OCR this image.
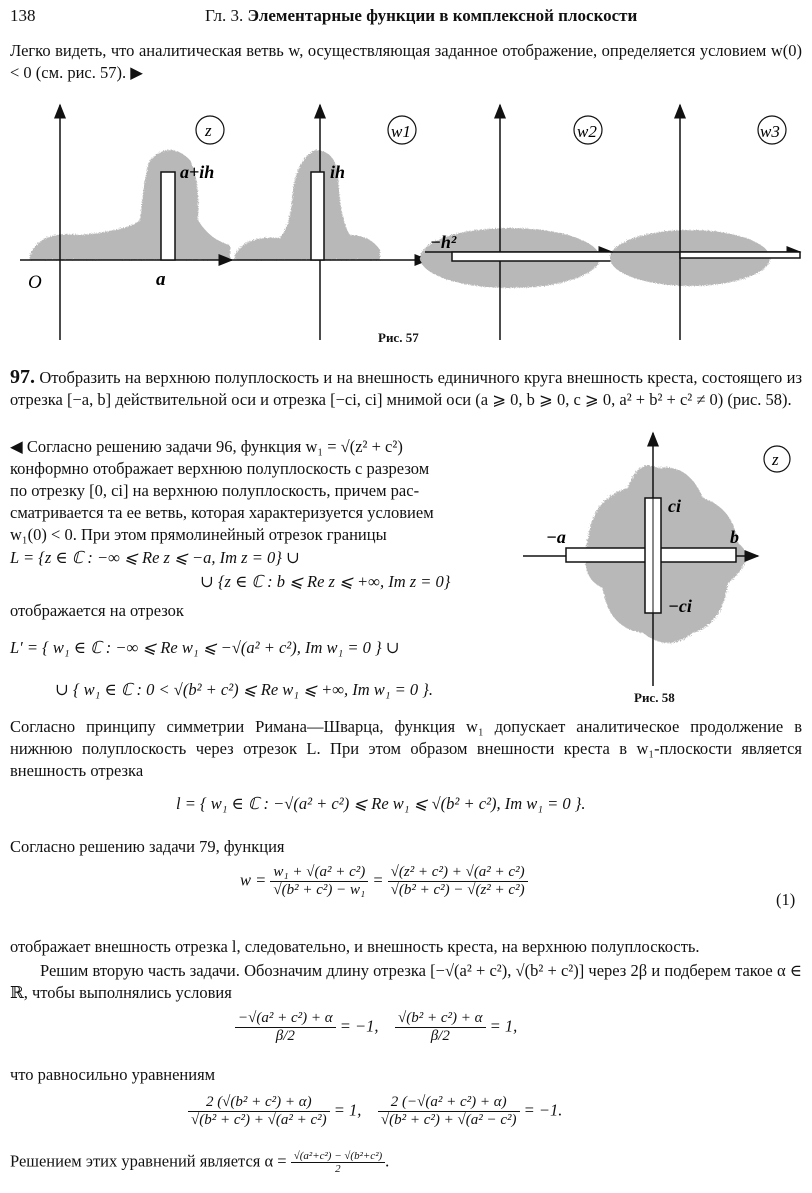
138	Гл. 3. Элементарные функции в комплексной плоскости
Легко видеть, что аналитическая ветвь w, осуществляющая заданное отображение, определяется условием w(0) < 0 (см. рис. 57). ▶
z
a+ih
a
O
w1
ih
w2
−h²
w3
Рис. 57
97. Отобразить на верхнюю полуплоскость и на внешность единичного круга внешность креста, состоящего из отрезка [−a, b] действительной оси и отрезка [−ci, ci] мнимой оси (a ⩾ 0, b ⩾ 0, c ⩾ 0, a² + b² + c² ≠ 0) (рис. 58).
◀ Согласно решению задачи 96, функция w₁ = √(z² + c²)
конформно отображает верхнюю полуплоскость с разрезом
по отрезку [0, ci] на верхнюю полуплоскость, причем рас-
сматривается та ее ветвь, которая характеризуется условием
w₁(0) < 0. При этом прямолинейный отрезок границы
L = {z ∈ ℂ : −∞ ⩽ Re z ⩽ −a, Im z = 0} ∪
∪ {z ∈ ℂ : b ⩽ Re z ⩽ +∞, Im z = 0}
отображается на отрезок
L′ = { w₁ ∈ ℂ : −∞ ⩽ Re w₁ ⩽ −√(a² + c²), Im w₁ = 0 } ∪
∪ { w₁ ∈ ℂ : 0 < √(b² + c²) ⩽ Re w₁ ⩽ +∞, Im w₁ = 0 }.
z
ci
−a	b
−ci
Рис. 58
Согласно принципу симметрии Римана—Шварца, функция w₁ допускает аналитическое продолжение в нижнюю полуплоскость через отрезок L. При этом образом внешности креста в w₁-плоскости является внешность отрезка
l = { w₁ ∈ ℂ : −√(a² + c²) ⩽ Re w₁ ⩽ √(b² + c²), Im w₁ = 0 }.
Согласно решению задачи 79, функция
$w = \frac{\text{w₁ + √(a² + c²)}}{\text{√(b² + c²) − w₁}} = \frac{\text{√(z² + c²) + √(a² + c²)}}{\text{√(b² + c²) − √(z² + c²)}}$
(1)
отображает внешность отрезка l, следовательно, и внешность креста, на верхнюю полуплоскость.
Решим вторую часть задачи. Обозначим длину отрезка [−√(a² + c²), √(b² + c²)] через 2β и подберем такое α ∈ ℝ, чтобы выполнялись условия
$\frac{\text{−√(a² + c²) + α}}{\beta/2} = -1$, $\frac{\text{√(b² + c²) + α}}{\beta/2} = 1$,
что равносильно уравнениям
$\frac{\text{2 (√(b² + c²) + α)}}{\text{√(b² + c²) + √(a² + c²)}} = 1$, $\frac{\text{2 (−√(a² + c²) + α)}}{\text{√(b² + c²) + √(a² − c²)}} = -1$.
Решением этих уравнений является $\alpha = \frac{\text{√(a²+c²) − √(b²+c²)}}{2}$ .
